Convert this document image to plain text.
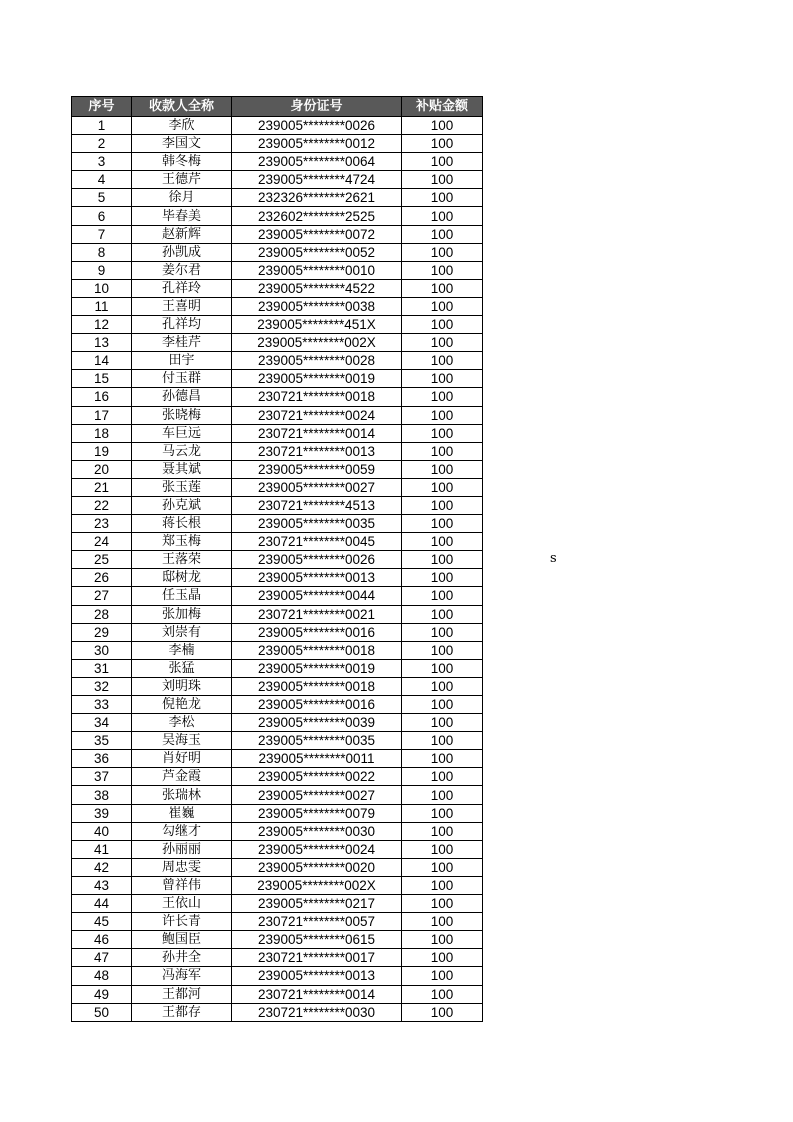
序号	收款人全称	身份证号	补贴金额
1	李欣	239005********0026	100
2	李国文	239005********0012	100
3	韩冬梅	239005********0064	100
4	王德芹	239005********4724	100
5	徐月	232326********2621	100
6	毕春美	232602********2525	100
7	赵新辉	239005********0072	100
8	孙凯成	239005********0052	100
9	姜尔君	239005********0010	100
10	孔祥玲	239005********4522	100
11	王喜明	239005********0038	100
12	孔祥均	239005********451X	100
13	李桂芹	239005********002X	100
14	田宇	239005********0028	100
15	付玉群	239005********0019	100
16	孙德昌	230721********0018	100
17	张晓梅	230721********0024	100
18	车巨远	230721********0014	100
19	马云龙	230721********0013	100
20	聂其斌	239005********0059	100
21	张玉莲	239005********0027	100
22	孙克斌	230721********4513	100
23	蒋长根	239005********0035	100
24	郑玉梅	230721********0045	100
25	王落荣	239005********0026	100
26	邸树龙	239005********0013	100
27	任玉晶	239005********0044	100
28	张加梅	230721********0021	100
29	刘崇有	239005********0016	100
30	李楠	239005********0018	100
31	张猛	239005********0019	100
32	刘明珠	239005********0018	100
33	倪艳龙	239005********0016	100
34	李松	239005********0039	100
35	吴海玉	239005********0035	100
36	肖好明	239005********0011	100
37	芦金霞	239005********0022	100
38	张瑞林	239005********0027	100
39	崔巍	239005********0079	100
40	勾继才	239005********0030	100
41	孙丽丽	239005********0024	100
42	周忠雯	239005********0020	100
43	曾祥伟	239005********002X	100
44	王依山	239005********0217	100
45	许长青	230721********0057	100
46	鲍国臣	239005********0615	100
47	孙井全	230721********0017	100
48	冯海军	239005********0013	100
49	王都河	230721********0014	100
50	王都存	230721********0030	100
s
